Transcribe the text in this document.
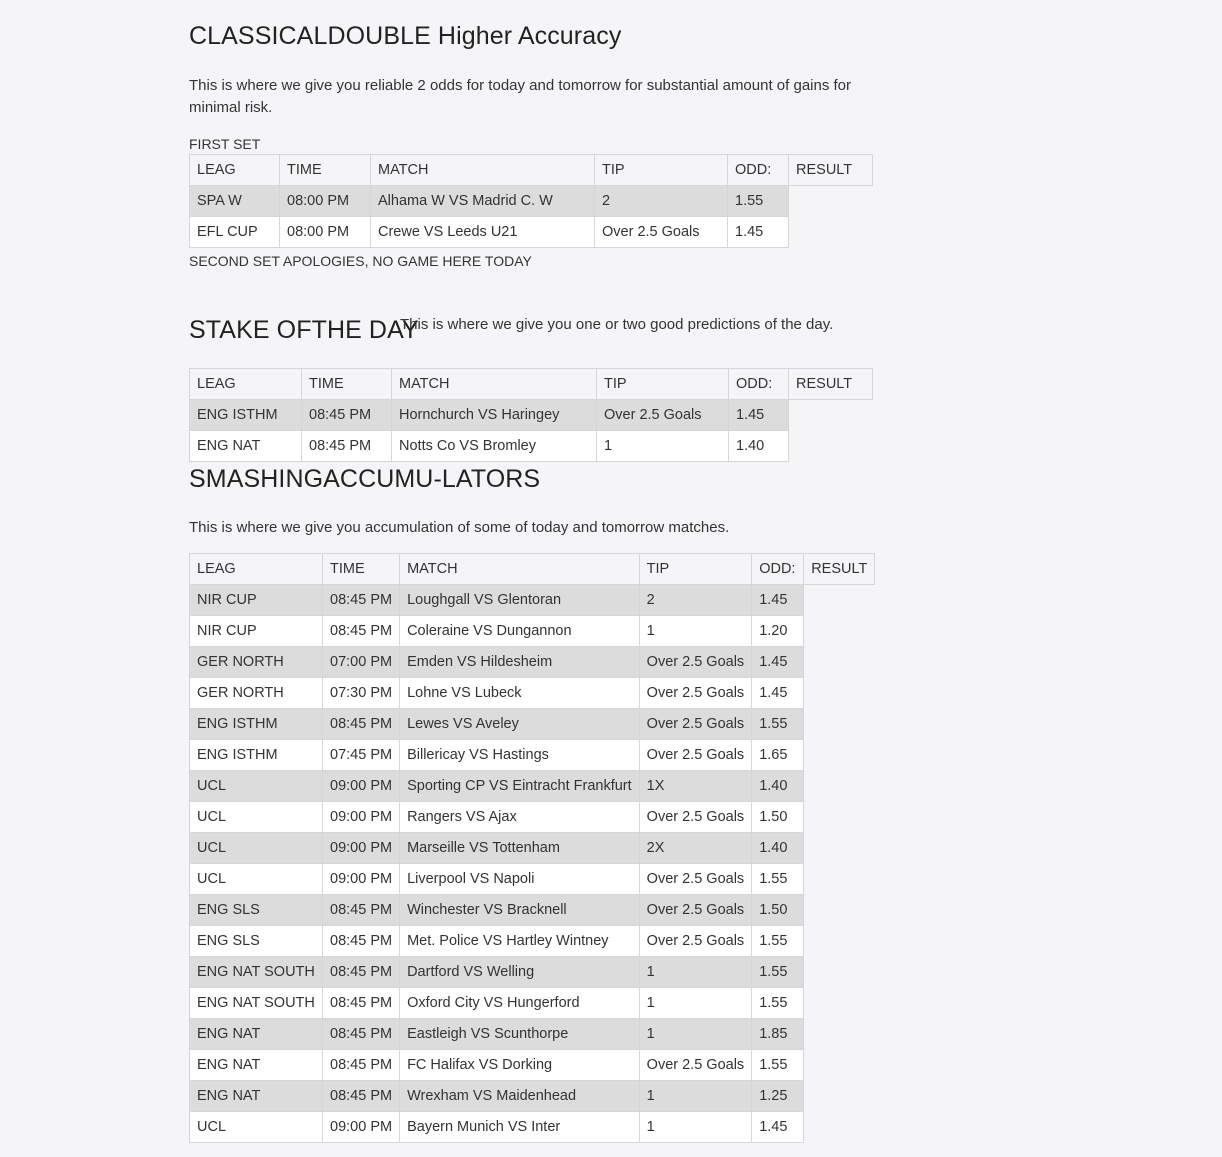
CLASSICALDOUBLE Higher Accuracy

This is where we give you reliable 2 odds for today and tomorrow for substantial amount of gains for minimal risk.

FIRST SET
LEAG	TIME	MATCH	TIP	ODD:	RESULT
SPA W	08:00 PM	Alhama W VS Madrid C. W	2	1.55	
EFL CUP	08:00 PM	Crewe VS Leeds U21	Over 2.5 Goals	1.45	
SECOND SET APOLOGIES, NO GAME HERE TODAY
STAKE OFTHE DAY

This is where we give you one or two good predictions of the day.

LEAG	TIME	MATCH	TIP	ODD:	RESULT
ENG ISTHM	08:45 PM	Hornchurch VS Haringey	Over 2.5 Goals	1.45	
ENG NAT	08:45 PM	Notts Co VS Bromley	1	1.40	
SMASHINGACCUMU-LATORS

This is where we give you accumulation of some of today and tomorrow matches.

LEAG	TIME	MATCH	TIP	ODD:	RESULT
NIR CUP	08:45 PM	Loughgall VS Glentoran	2	1.45	
NIR CUP	08:45 PM	Coleraine VS Dungannon	1	1.20	
GER NORTH	07:00 PM	Emden VS Hildesheim	Over 2.5 Goals	1.45	
GER NORTH	07:30 PM	Lohne VS Lubeck	Over 2.5 Goals	1.45	
ENG ISTHM	08:45 PM	Lewes VS Aveley	Over 2.5 Goals	1.55	
ENG ISTHM	07:45 PM	Billericay VS Hastings	Over 2.5 Goals	1.65	
UCL	09:00 PM	Sporting CP VS Eintracht Frankfurt	1X	1.40	
UCL	09:00 PM	Rangers VS Ajax	Over 2.5 Goals	1.50	
UCL	09:00 PM	Marseille VS Tottenham	2X	1.40	
UCL	09:00 PM	Liverpool VS Napoli	Over 2.5 Goals	1.55	
ENG SLS	08:45 PM	Winchester VS Bracknell	Over 2.5 Goals	1.50	
ENG SLS	08:45 PM	Met. Police VS Hartley Wintney	Over 2.5 Goals	1.55	
ENG NAT SOUTH	08:45 PM	Dartford VS Welling	1	1.55	
ENG NAT SOUTH	08:45 PM	Oxford City VS Hungerford	1	1.55	
ENG NAT	08:45 PM	Eastleigh VS Scunthorpe	1	1.85	
ENG NAT	08:45 PM	FC Halifax VS Dorking	Over 2.5 Goals	1.55	
ENG NAT	08:45 PM	Wrexham VS Maidenhead	1	1.25	
UCL	09:00 PM	Bayern Munich VS Inter	1	1.45	
